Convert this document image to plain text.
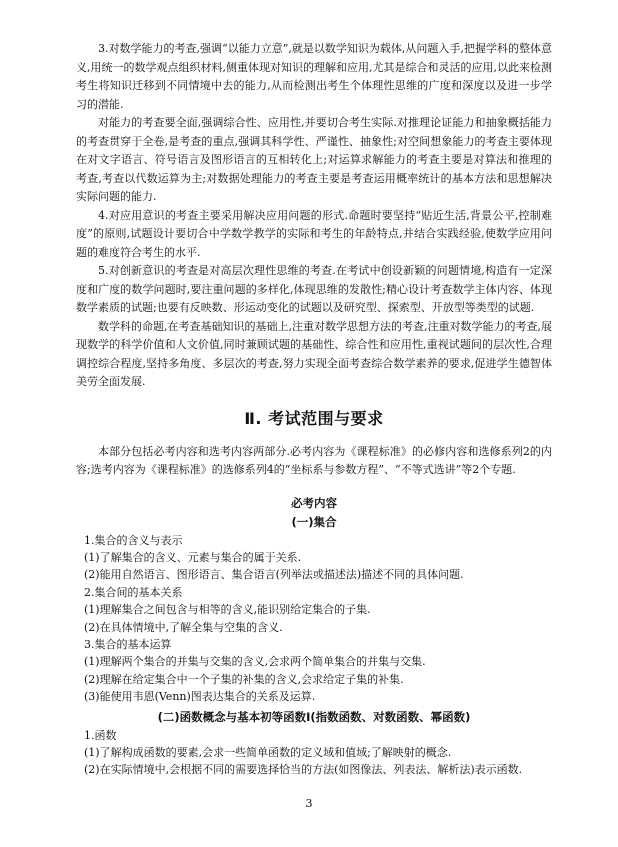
3.对数学能力的考查,强调“以能力立意”,就是以数学知识为载体,从问题入手,把握学科的整体意义,用统一的数学观点组织材料,侧重体现对知识的理解和应用,尤其是综合和灵活的应用,以此来检测考生将知识迁移到不同情境中去的能力,从而检测出考生个体理性思维的广度和深度以及进一步学习的潜能.

对能力的考查要全面,强调综合性、应用性,并要切合考生实际.对推理论证能力和抽象概括能力的考查贯穿于全卷,是考查的重点,强调其科学性、严谨性、抽象性;对空间想象能力的考查主要体现在对文字语言、符号语言及图形语言的互相转化上;对运算求解能力的考查主要是对算法和推理的考查,考查以代数运算为主;对数据处理能力的考查主要是考查运用概率统计的基本方法和思想解决实际问题的能力.

4.对应用意识的考查主要采用解决应用问题的形式.命题时要坚持“贴近生活,背景公平,控制难度”的原则,试题设计要切合中学数学教学的实际和考生的年龄特点,并结合实践经验,使数学应用问题的难度符合考生的水平.

5.对创新意识的考查是对高层次理性思维的考查.在考试中创设新颖的问题情境,构造有一定深度和广度的数学问题时,要注重问题的多样化,体现思维的发散性;精心设计考查数学主体内容、体现数学素质的试题;也要有反映数、形运动变化的试题以及研究型、探索型、开放型等类型的试题.

数学科的命题,在考查基础知识的基础上,注重对数学思想方法的考查,注重对数学能力的考查,展现数学的科学价值和人文价值,同时兼顾试题的基础性、综合性和应用性,重视试题间的层次性,合理调控综合程度,坚持多角度、多层次的考查,努力实现全面考查综合数学素养的要求,促进学生德智体美劳全面发展.

Ⅱ. 考试范围与要求

本部分包括必考内容和选考内容两部分.必考内容为《课程标准》的必修内容和选修系列2的内容;选考内容为《课程标准》的选修系列4的“坐标系与参数方程”、“不等式选讲”等2个专题.

必考内容
(一)集合

1.集合的含义与表示

(1)了解集合的含义、元素与集合的属于关系.

(2)能用自然语言、图形语言、集合语言(列举法或描述法)描述不同的具体问题.

2.集合间的基本关系

(1)理解集合之间包含与相等的含义,能识别给定集合的子集.

(2)在具体情境中,了解全集与空集的含义.

3.集合的基本运算

(1)理解两个集合的并集与交集的含义,会求两个简单集合的并集与交集.

(2)理解在给定集合中一个子集的补集的含义,会求给定子集的补集.

(3)能使用韦恩(Venn)图表达集合的关系及运算.

(二)函数概念与基本初等函数Ⅰ(指数函数、对数函数、幂函数)

1.函数

(1)了解构成函数的要素,会求一些简单函数的定义域和值域;了解映射的概念.

(2)在实际情境中,会根据不同的需要选择恰当的方法(如图像法、列表法、解析法)表示函数.

3
